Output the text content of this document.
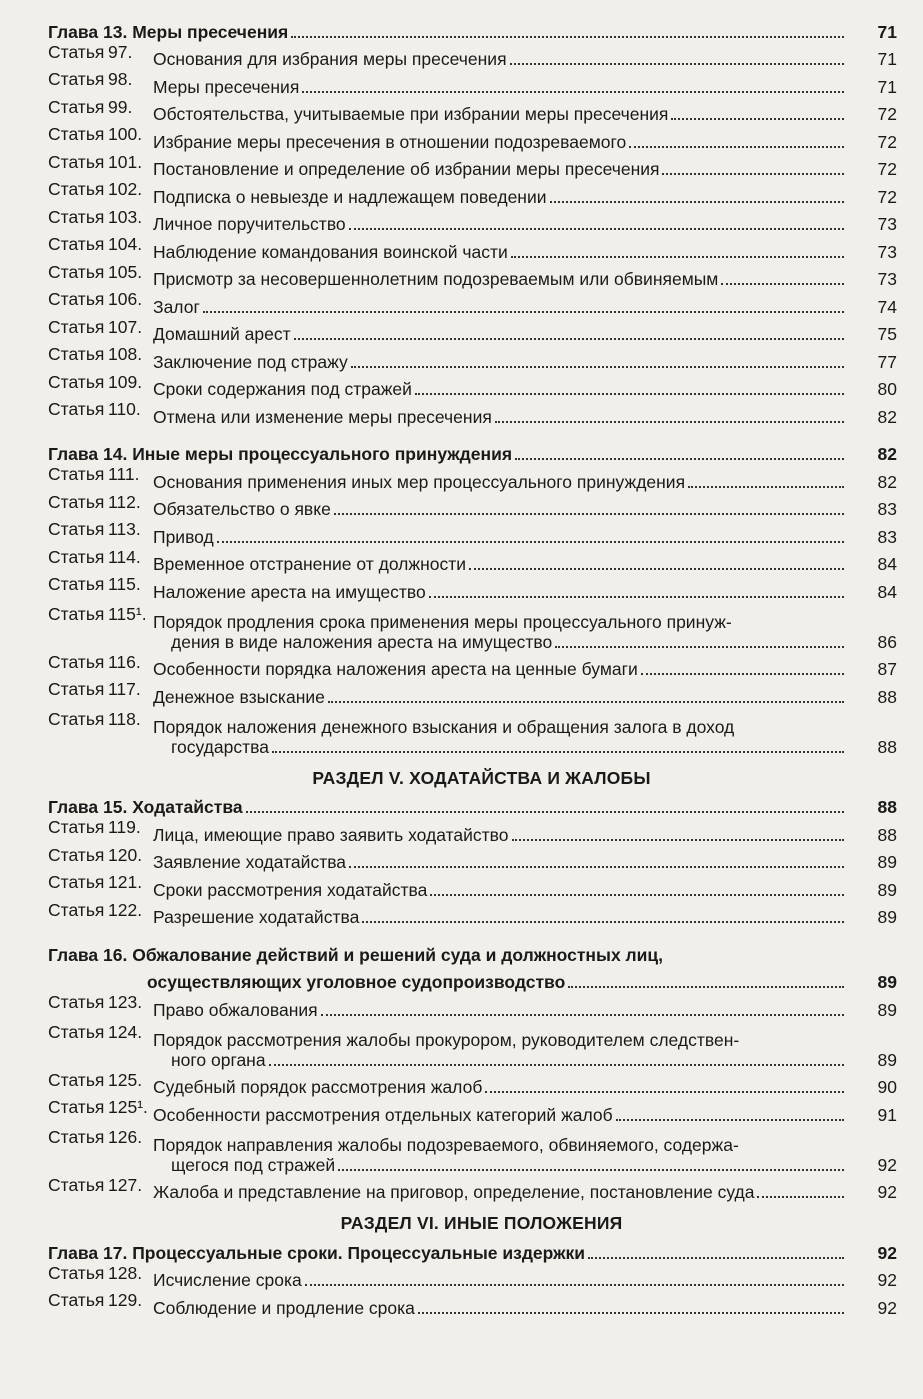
Глава 13. Меры пресечения	71
Статья 97.	Основания для избрания меры пресечения	71
Статья 98.	Меры пресечения	71
Статья 99.	Обстоятельства, учитываемые при избрании меры пресечения	72
Статья 100. Избрание меры пресечения в отношении подозреваемого	72
Статья 101. Постановление и определение об избрании меры пресечения	72
Статья 102. Подписка о невыезде и надлежащем поведении	72
Статья 103. Личное поручительство	73
Статья 104. Наблюдение командования воинской части	73
Статья 105. Присмотр за несовершеннолетним подозреваемым или обвиняемым	73
Статья 106. Залог	74
Статья 107. Домашний арест	75
Статья 108. Заключение под стражу	77
Статья 109. Сроки содержания под стражей	80
Статья 110. Отмена или изменение меры пресечения	82
Глава 14. Иные меры процессуального принуждения	82
Статья 111. Основания применения иных мер процессуального принуждения	82
Статья 112. Обязательство о явке	83
Статья 113. Привод	83
Статья 114. Временное отстранение от должности	84
Статья 115. Наложение ареста на имущество	84
Статья 115¹. Порядок продления срока применения меры процессуального принуж-
дения в виде наложения ареста на имущество	86
Статья 116. Особенности порядка наложения ареста на ценные бумаги	87
Статья 117. Денежное взыскание	88
Статья 118. Порядок наложения денежного взыскания и обращения залога в доход
государства	88
РАЗДЕЛ V. ХОДАТАЙСТВА И ЖАЛОБЫ
Глава 15. Ходатайства	88
Статья 119. Лица, имеющие право заявить ходатайство	88
Статья 120. Заявление ходатайства	89
Статья 121. Сроки рассмотрения ходатайства	89
Статья 122. Разрешение ходатайства	89
Глава 16. Обжалование действий и решений суда и должностных лиц,
осуществляющих уголовное судопроизводство	89
Статья 123. Право обжалования	89
Статья 124. Порядок рассмотрения жалобы прокурором, руководителем следствен-
ного органа	89
Статья 125. Судебный порядок рассмотрения жалоб	90
Статья 125¹. Особенности рассмотрения отдельных категорий жалоб	91
Статья 126. Порядок направления жалобы подозреваемого, обвиняемого, содержа-
щегося под стражей	92
Статья 127. Жалоба и представление на приговор, определение, постановление суда	92
РАЗДЕЛ VI. ИНЫЕ ПОЛОЖЕНИЯ
Глава 17. Процессуальные сроки. Процессуальные издержки	92
Статья 128. Исчисление срока	92
Статья 129. Соблюдение и продление срока	92
